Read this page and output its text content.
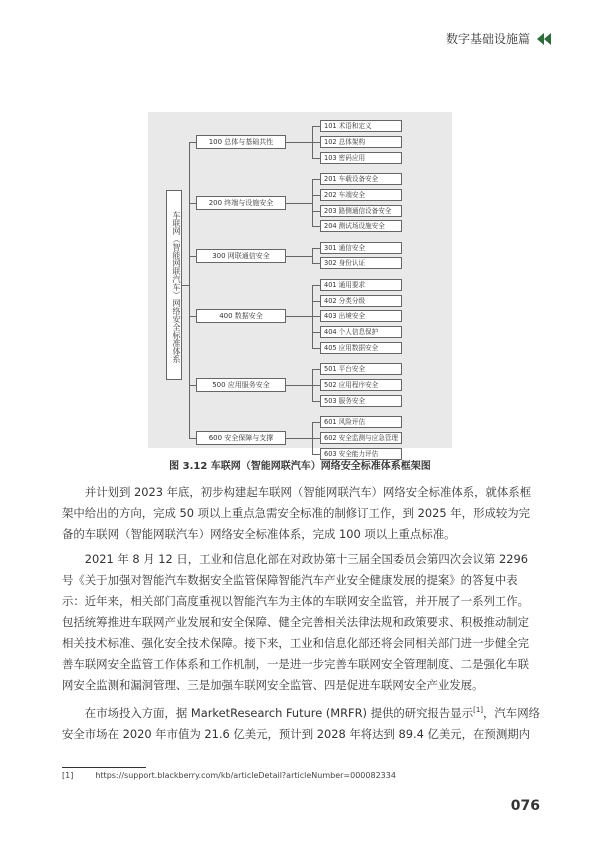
数字基础设施篇
车联网（智能网联汽车）网络安全标准体系
101 术语和定义
102 总体架构
103 密码应用
100 总体与基础共性
201 车载设备安全
202 车端安全
203 路侧通信设备安全
204 测试场设施安全
200 终端与设施安全
301 通信安全
302 身份认证
300 网联通信安全
401 通用要求
402 分类分级
403 出境安全
404 个人信息保护
405 应用数据安全
400 数据安全
501 平台安全
502 应用程序安全
503 服务安全
500 应用服务安全
601 风险评估
602 安全监测与应急管理
603 安全能力评估
600 安全保障与支撑
图 3.12 车联网（智能网联汽车）网络安全标准体系框架图

并计划到 2023 年底，初步构建起车联网（智能网联汽车）网络安全标准体系，就体系框架中给出的方向，完成 50 项以上重点急需安全标准的制修订工作，到 2025 年，形成较为完备的车联网（智能网联汽车）网络安全标准体系，完成 100 项以上重点标准。

2021 年 8 月 12 日，工业和信息化部在对政协第十三届全国委员会第四次会议第 2296 号《关于加强对智能汽车数据安全监管保障智能汽车产业安全健康发展的提案》的答复中表示：近年来，相关部门高度重视以智能汽车为主体的车联网安全监管，并开展了一系列工作。包括统筹推进车联网产业发展和安全保障、健全完善相关法律法规和政策要求、积极推动制定相关技术标准、强化安全技术保障。接下来，工业和信息化部还将会同相关部门进一步健全完善车联网安全监管工作体系和工作机制，一是进一步完善车联网安全管理制度、二是强化车联网安全监测和漏洞管理、三是加强车联网安全监管、四是促进车联网安全产业发展。

在市场投入方面，据 MarketResearch Future (MRFR) 提供的研究报告显示[1]，汽车网络安全市场在 2020 年市值为 21.6 亿美元，预计到 2028 年将达到 89.4 亿美元，在预测期内

[1]	https://support.blackberry.com/kb/articleDetail?articleNumber=000082334
076
